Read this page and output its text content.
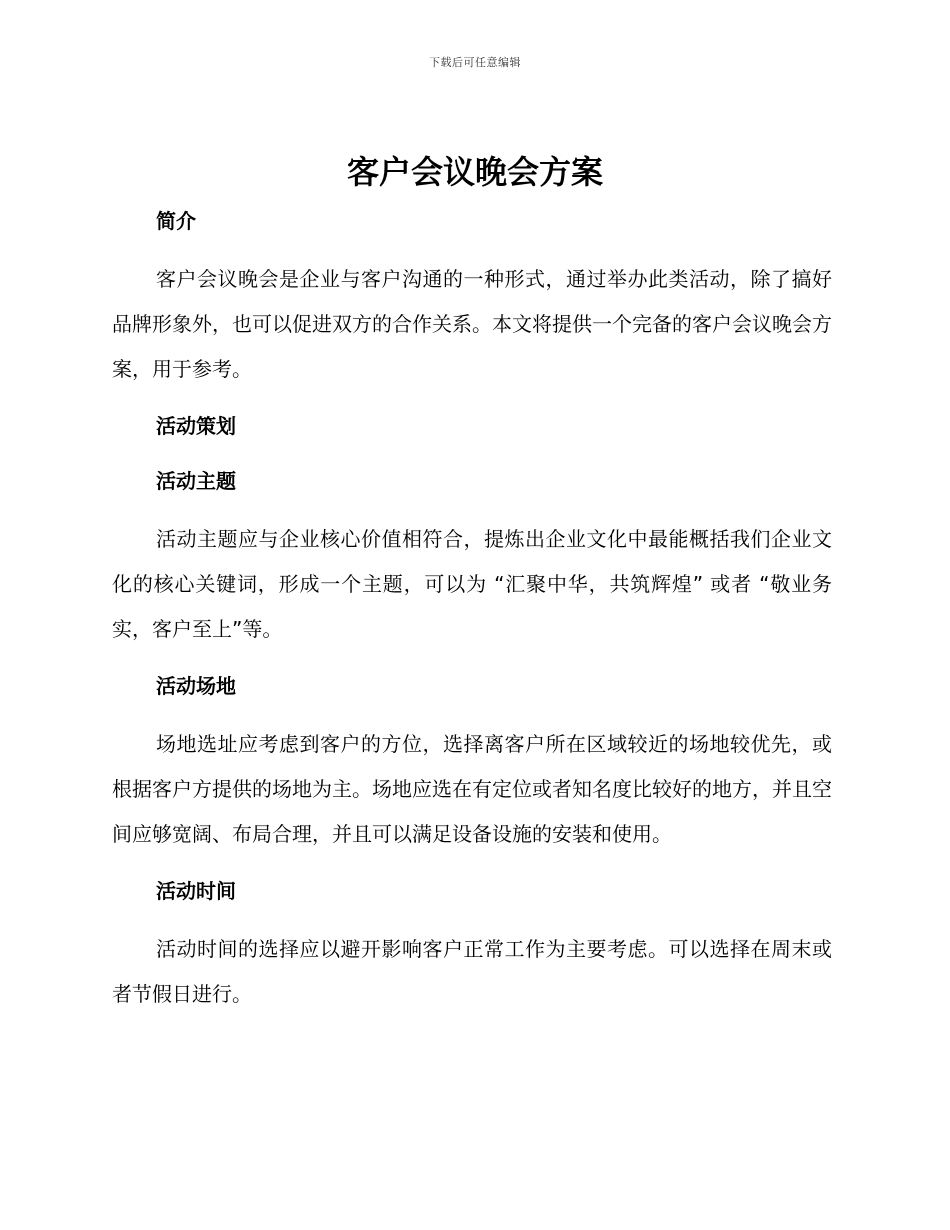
下载后可任意编辑
客户会议晚会方案

简介

客户会议晚会是企业与客户沟通的一种形式，通过举办此类活动，除了搞好品牌形象外，也可以促进双方的合作关系。本文将提供一个完备的客户会议晚会方案，用于参考。

活动策划

活动主题

活动主题应与企业核心价值相符合，提炼出企业文化中最能概括我们企业文化的核心关键词，形成一个主题，可以为 “汇聚中华，共筑辉煌” 或者 “敬业务实，客户至上”等。

活动场地

场地选址应考虑到客户的方位，选择离客户所在区域较近的场地较优先，或根据客户方提供的场地为主。场地应选在有定位或者知名度比较好的地方，并且空间应够宽阔、布局合理，并且可以满足设备设施的安装和使用。

活动时间

活动时间的选择应以避开影响客户正常工作为主要考虑。可以选择在周末或者节假日进行。
